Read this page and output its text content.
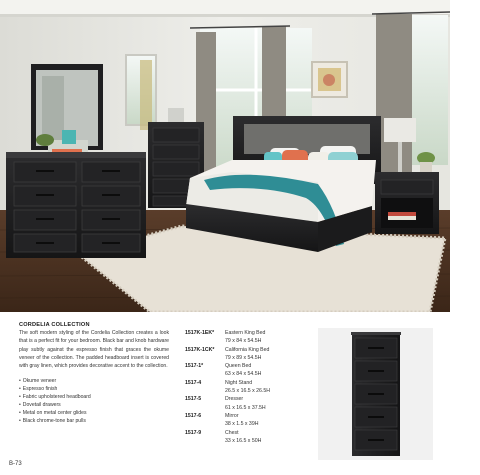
CORDELIA COLLECTION

The soft modern styling of the Cordelia Collection creates a look that is a perfect fit for your bedroom. Black bar and knob hardware play subtly against the espresso finish that graces the okume veneer of the collection. The padded headboard insert is covered with gray linen, which provides decorative accent to the collection.

• Okume veneer
• Espresso finish
• Fabric upholstered headboard
• Dovetail drawers
• Metal on metal center glides
• Black chrome-tone bar pulls
1517K-1EK*	Eastern King Bed
79 x 84 x 54.5H
1517K-1CK*	California King Bed
79 x 89 x 54.5H
1517-1*	Queen Bed
63 x 84 x 54.5H
1517-4	Night Stand
26.5 x 16.5 x 26.5H
1517-5	Dresser
61 x 16.5 x 37.5H
1517-6	Mirror
38 x 1.5 x 39H
1517-9	Chest
33 x 16.5 x 50H
B-73
